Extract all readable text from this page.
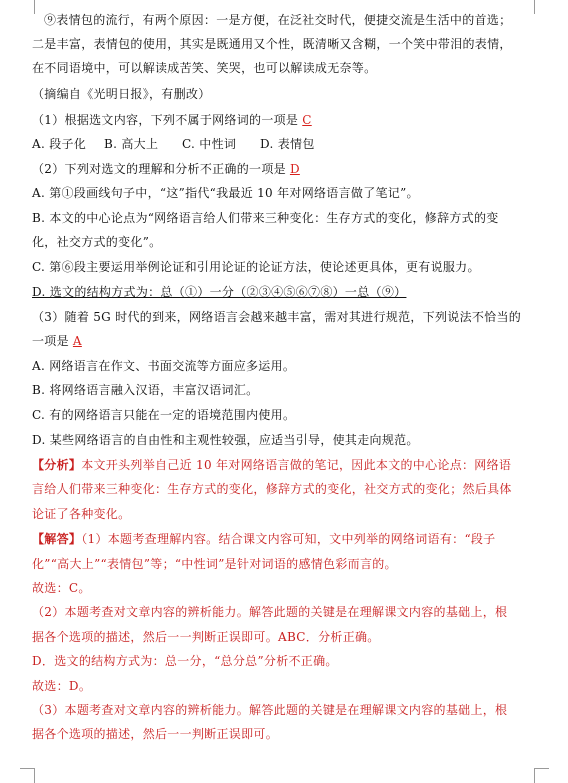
⑨表情包的流行，有两个原因：一是方便，在泛社交时代，便捷交流是生活中的首选；
二是丰富，表情包的使用，其实是既通用又个性，既清晰又含糊，一个笑中带泪的表情，
在不同语境中，可以解读成苦笑、笑哭，也可以解读成无奈等。
（摘编自《光明日报》，有删改）
（1）根据选文内容，下列不属于网络词的一项是 C
A. 段子化 B. 高大上 C. 中性词 D. 表情包
（2）下列对选文的理解和分析不正确的一项是 D
A. 第①段画线句子中，“这”指代“我最近 10 年对网络语言做了笔记”。
B. 本文的中心论点为“网络语言给人们带来三种变化：生存方式的变化，修辞方式的变
化，社交方式的变化”。
C. 第⑥段主要运用举例论证和引用论证的论证方法，使论述更具体，更有说服力。
D. 选文的结构方式为：总（①）一分（②③④⑤⑥⑦⑧）一总（⑨）
（3）随着 5G 时代的到来，网络语言会越来越丰富，需对其进行规范，下列说法不恰当的
一项是 A
A. 网络语言在作文、书面交流等方面应多运用。
B. 将网络语言融入汉语，丰富汉语词汇。
C. 有的网络语言只能在一定的语境范围内使用。
D. 某些网络语言的自由性和主观性较强，应适当引导，使其走向规范。
【分析】本文开头列举自己近 10 年对网络语言做的笔记，因此本文的中心论点：网络语
言给人们带来三种变化：生存方式的变化，修辞方式的变化，社交方式的变化；然后具体
论证了各种变化。
【解答】（1）本题考查理解内容。结合课文内容可知，文中列举的网络词语有：“段子
化”“高大上”“表情包”等；“中性词”是针对词语的感情色彩而言的。
故选：C。
（2）本题考查对文章内容的辨析能力。解答此题的关键是在理解课文内容的基础上，根
据各个选项的描述，然后一一判断正误即可。ABC．分析正确。
D．选文的结构方式为：总一分，“总分总”分析不正确。
故选：D。
（3）本题考查对文章内容的辨析能力。解答此题的关键是在理解课文内容的基础上，根
据各个选项的描述，然后一一判断正误即可。
